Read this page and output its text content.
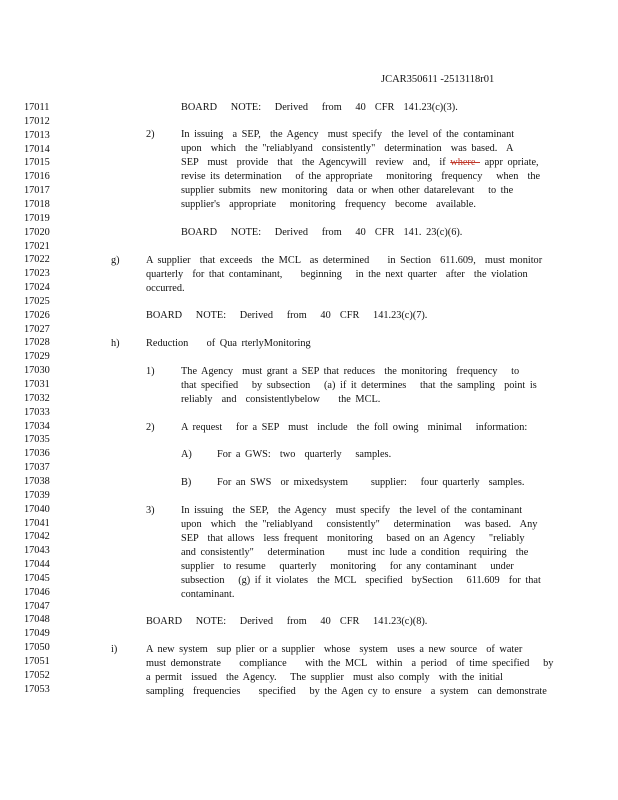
JCAR350611 -2513118r01
17011
17012
17013
17014
17015
17016
17017
17018
17019
17020
17021
17022
17023
17024
17025
17026
17027
17028
17029
17030
17031
17032
17033
17034
17035
17036
17037
17038
17039
17040
17041
17042
17043
17044
17045
17046
17047
17048
17049
17050
17051
17052
17053
BOARD   NOTE:   Derived   from   40  CFR  141.23(c)(3).
2)	In issuing  a SEP,  the Agency  must specify  the level of the contaminant
upon  which  the "reliablyand  consistently"  determination  was based.  A
SEP  must  provide  that  the Agencywill  review  and,  if where  appr opriate,
revise its determination   of the appropriate   monitoring  frequency   when  the
supplier submits  new monitoring  data or when other datarelevant   to the
supplier's  appropriate   monitoring  frequency  become  available.
BOARD   NOTE:   Derived   from   40  CFR  141. 23(c)(6).
g)	A supplier  that exceeds  the MCL  as determined    in Section  611.609,  must monitor
quarterly  for that contaminant,    beginning   in the next quarter  after  the violation
occurred.
BOARD   NOTE:   Derived   from   40  CFR   141.23(c)(7).
h)	Reduction    of Qua rterlyMonitoring
1)	The Agency  must grant a SEP that reduces  the monitoring  frequency   to
that specified   by subsection   (a) if it determines   that the sampling  point is
reliably  and  consistentlybelow    the MCL.
2)	A request   for a SEP  must  include  the foll owing  minimal   information:
A) For a GWS:  two  quarterly   samples.
B) For an SWS  or mixedsystem     supplier:   four quarterly  samples.
3)	In issuing  the SEP,  the Agency  must specify  the level of the contaminant
upon  which  the "reliablyand   consistently"   determination   was based.  Any
SEP  that allows  less frequent  monitoring   based on an Agency   "reliably
and consistently"   determination     must inc lude a condition  requiring  the
supplier  to resume   quarterly   monitoring   for any contaminant   under
subsection   (g) if it violates  the MCL  specified  bySection   611.609  for that
contaminant.
BOARD   NOTE:   Derived   from   40  CFR   141.23(c)(8).
i)	A new system  sup plier or a supplier  whose  system  uses a new source  of water
must demonstrate    compliance    with the MCL  within  a period  of time specified   by
a permit  issued  the Agency.   The supplier  must also comply  with the initial
sampling  frequencies    specified   by the Agen cy to ensure  a system  can demonstrate
